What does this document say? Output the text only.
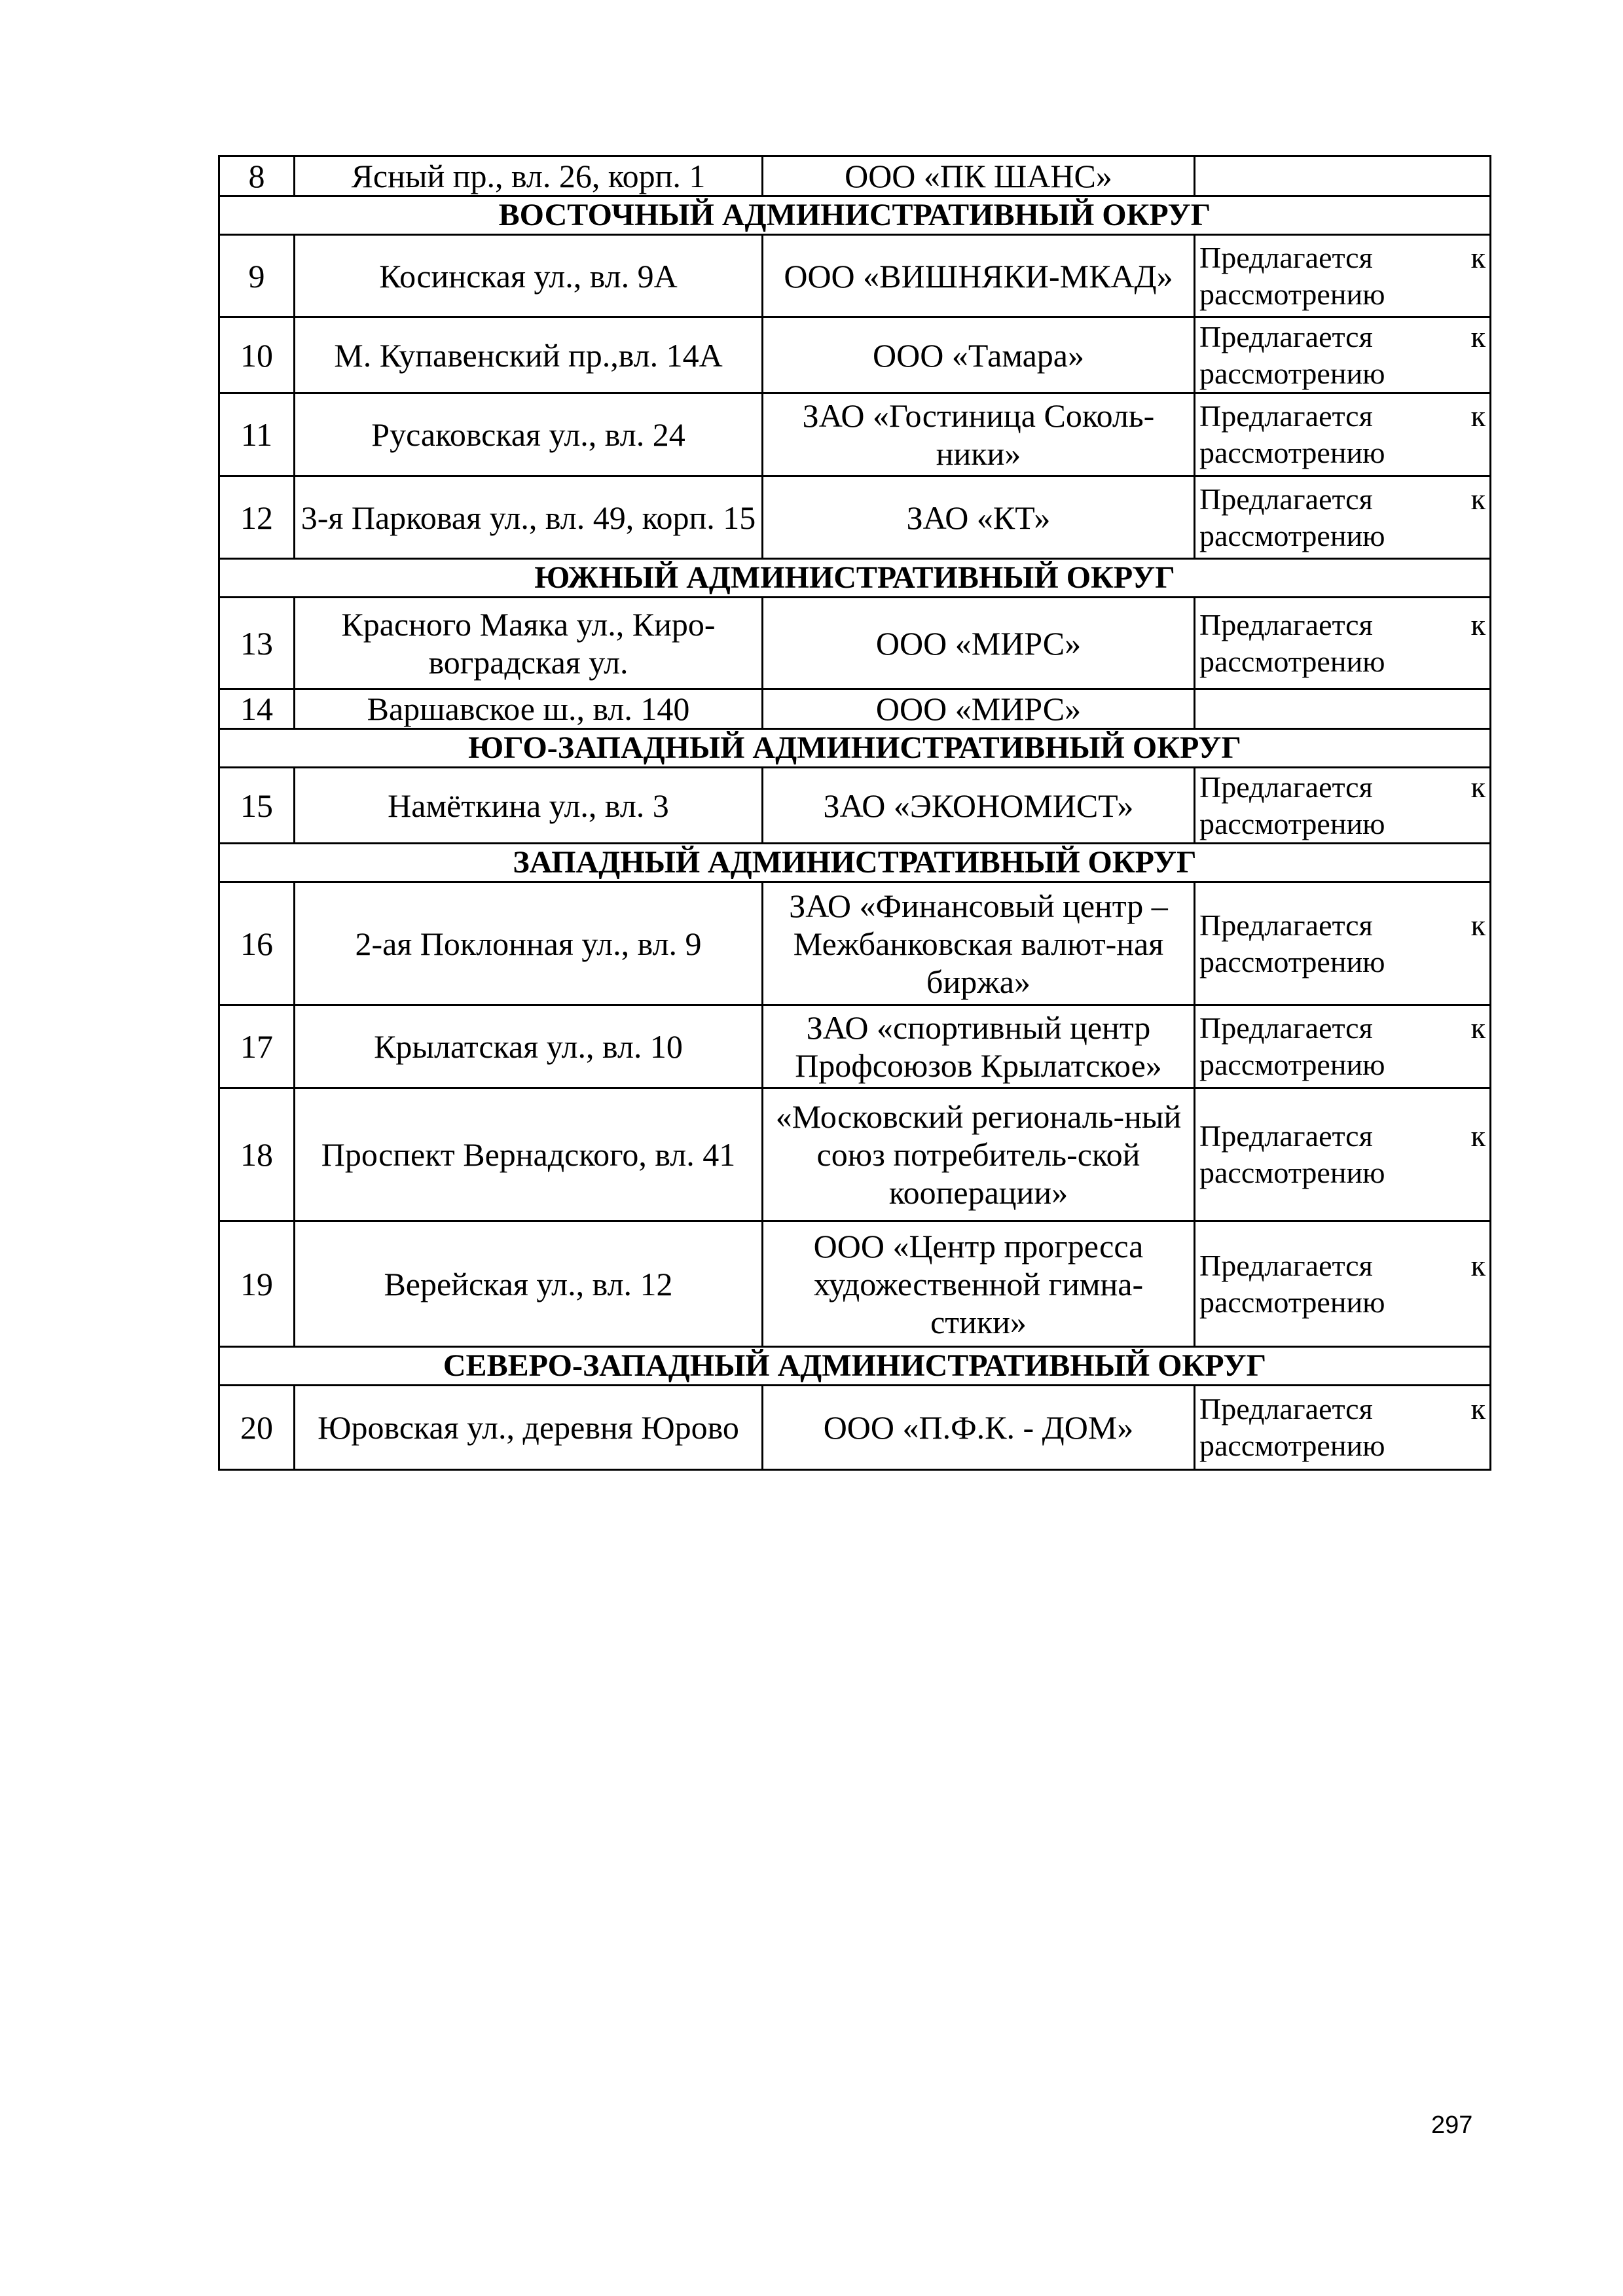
8	Ясный пр., вл. 26, корп. 1	ООО «ПК ШАНС»	
ВОСТОЧНЫЙ АДМИНИСТРАТИВНЫЙ ОКРУГ			
9	Косинская ул., вл. 9А	ООО «ВИШНЯКИ-МКАД»	Предлагается к рассмотрению
10	М. Купавенский пр.,вл. 14А	ООО «Тамара»	Предлагается к рассмотрению
11	Русаковская ул., вл. 24	ЗАО «Гостиница Соколь-ники»	Предлагается к рассмотрению
12	3-я Парковая ул., вл. 49, корп. 15	ЗАО «КТ»	Предлагается к рассмотрению
ЮЖНЫЙ АДМИНИСТРАТИВНЫЙ ОКРУГ			
13	Красного Маяка ул., Киро-воградская ул.	ООО «МИРС»	Предлагается к рассмотрению
14	Варшавское ш., вл. 140	ООО «МИРС»	
ЮГО-ЗАПАДНЫЙ АДМИНИСТРАТИВНЫЙ ОКРУГ			
15	Намёткина ул., вл. 3	ЗАО «ЭКОНОМИСТ»	Предлагается к рассмотрению
ЗАПАДНЫЙ АДМИНИСТРАТИВНЫЙ ОКРУГ			
16	2-ая Поклонная ул., вл. 9	ЗАО «Финансовый центр – Межбанковская валют-ная биржа»	Предлагается к рассмотрению
17	Крылатская ул., вл. 10	ЗАО «спортивный центр Профсоюзов Крылатское»	Предлагается к рассмотрению
18	Проспект Вернадского, вл. 41	«Московский региональ-ный союз потребитель-ской кооперации»	Предлагается к рассмотрению
19	Верейская ул., вл. 12	ООО «Центр прогресса художественной гимна-стики»	Предлагается к рассмотрению
СЕВЕРО-ЗАПАДНЫЙ АДМИНИСТРАТИВНЫЙ ОКРУГ			
20	Юровская ул., деревня Юрово	ООО «П.Ф.К. - ДОМ»	Предлагается к рассмотрению
297
